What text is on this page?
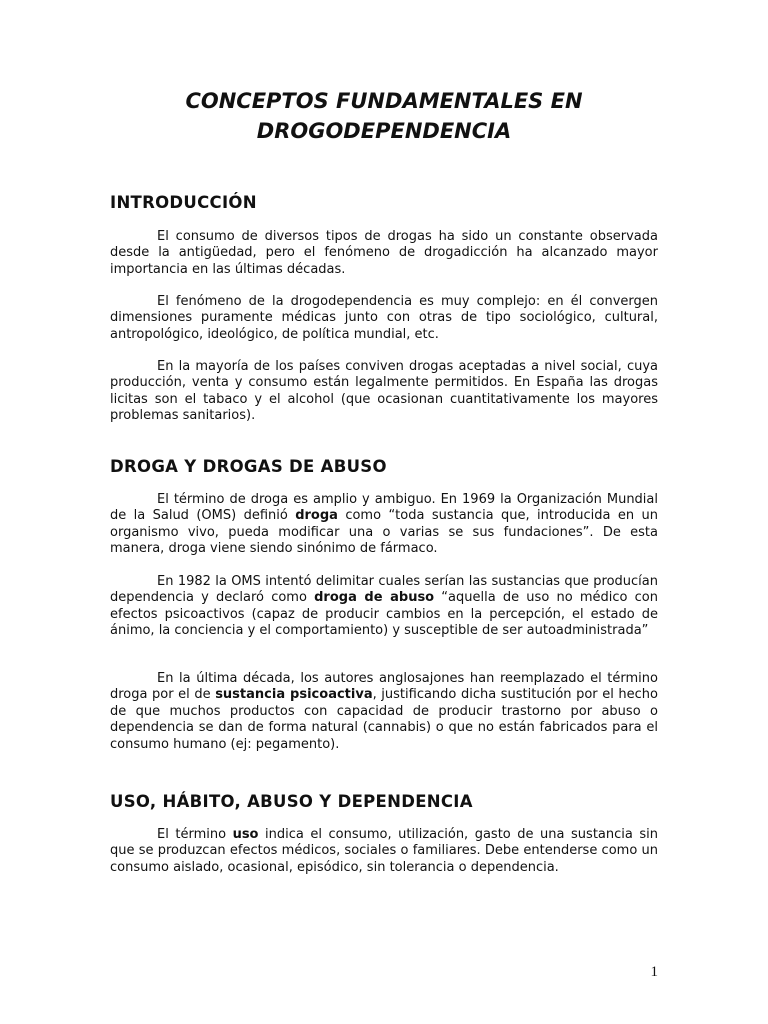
CONCEPTOS FUNDAMENTALES EN
DROGODEPENDENCIA
INTRODUCCIÓN

El consumo de diversos tipos de drogas ha sido un constante observada desde la antigüedad, pero el fenómeno de drogadicción ha alcanzado mayor importancia en las últimas décadas.

El fenómeno de la drogodependencia es muy complejo: en él convergen dimensiones puramente médicas junto con otras de tipo sociológico, cultural, antropológico, ideológico, de política mundial, etc.

En la mayoría de los países conviven drogas aceptadas a nivel social, cuya producción, venta y consumo están legalmente permitidos. En España las drogas licitas son el tabaco y el alcohol (que ocasionan cuantitativamente los mayores problemas sanitarios).

DROGA Y DROGAS DE ABUSO

El término de droga es amplio y ambiguo. En 1969 la Organización Mundial de la Salud (OMS) definió droga como “toda sustancia que, introducida en un organismo vivo, pueda modificar una o varias se sus fundaciones”. De esta manera, droga viene siendo sinónimo de fármaco.

En 1982 la OMS intentó delimitar cuales serían las sustancias que producían dependencia y declaró como droga de abuso “aquella de uso no médico con efectos psicoactivos (capaz de producir cambios en la percepción, el estado de ánimo, la conciencia y el comportamiento) y susceptible de ser autoadministrada”

En la última década, los autores anglosajones han reemplazado el término droga por el de sustancia psicoactiva, justificando dicha sustitución por el hecho de que muchos productos con capacidad de producir trastorno por abuso o dependencia se dan de forma natural (cannabis) o que no están fabricados para el consumo humano (ej: pegamento).

USO, HÁBITO, ABUSO Y DEPENDENCIA

El término uso indica el consumo, utilización, gasto de una sustancia sin que se produzcan efectos médicos, sociales o familiares. Debe entenderse como un consumo aislado, ocasional, episódico, sin tolerancia o dependencia.

1
